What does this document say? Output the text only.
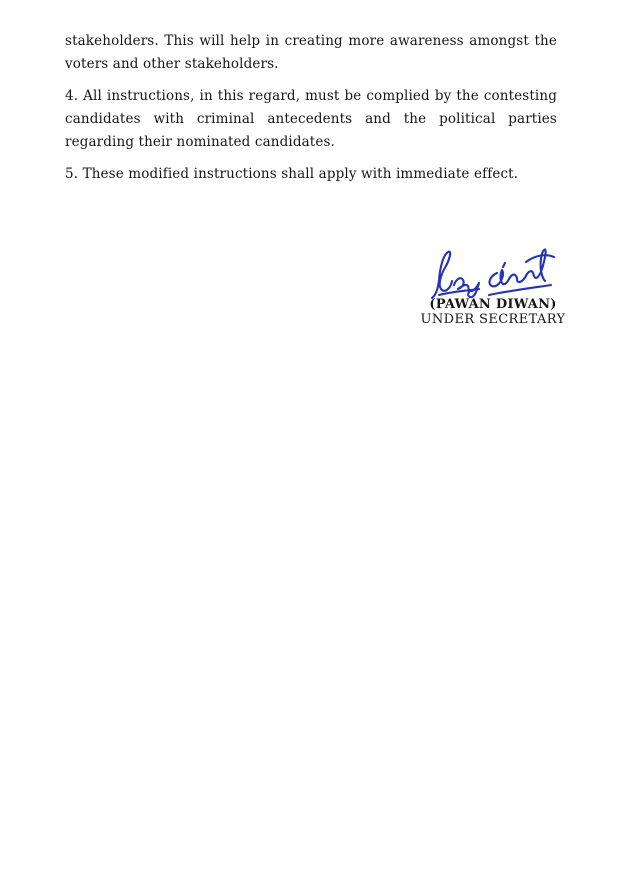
stakeholders. This will help in creating more awareness amongst the voters and other stakeholders.

4. All instructions, in this regard, must be complied by the contesting candidates with criminal antecedents and the political parties regarding their nominated candidates.

5. These modified instructions shall apply with immediate effect.

(PAWAN DIWAN)
UNDER SECRETARY
